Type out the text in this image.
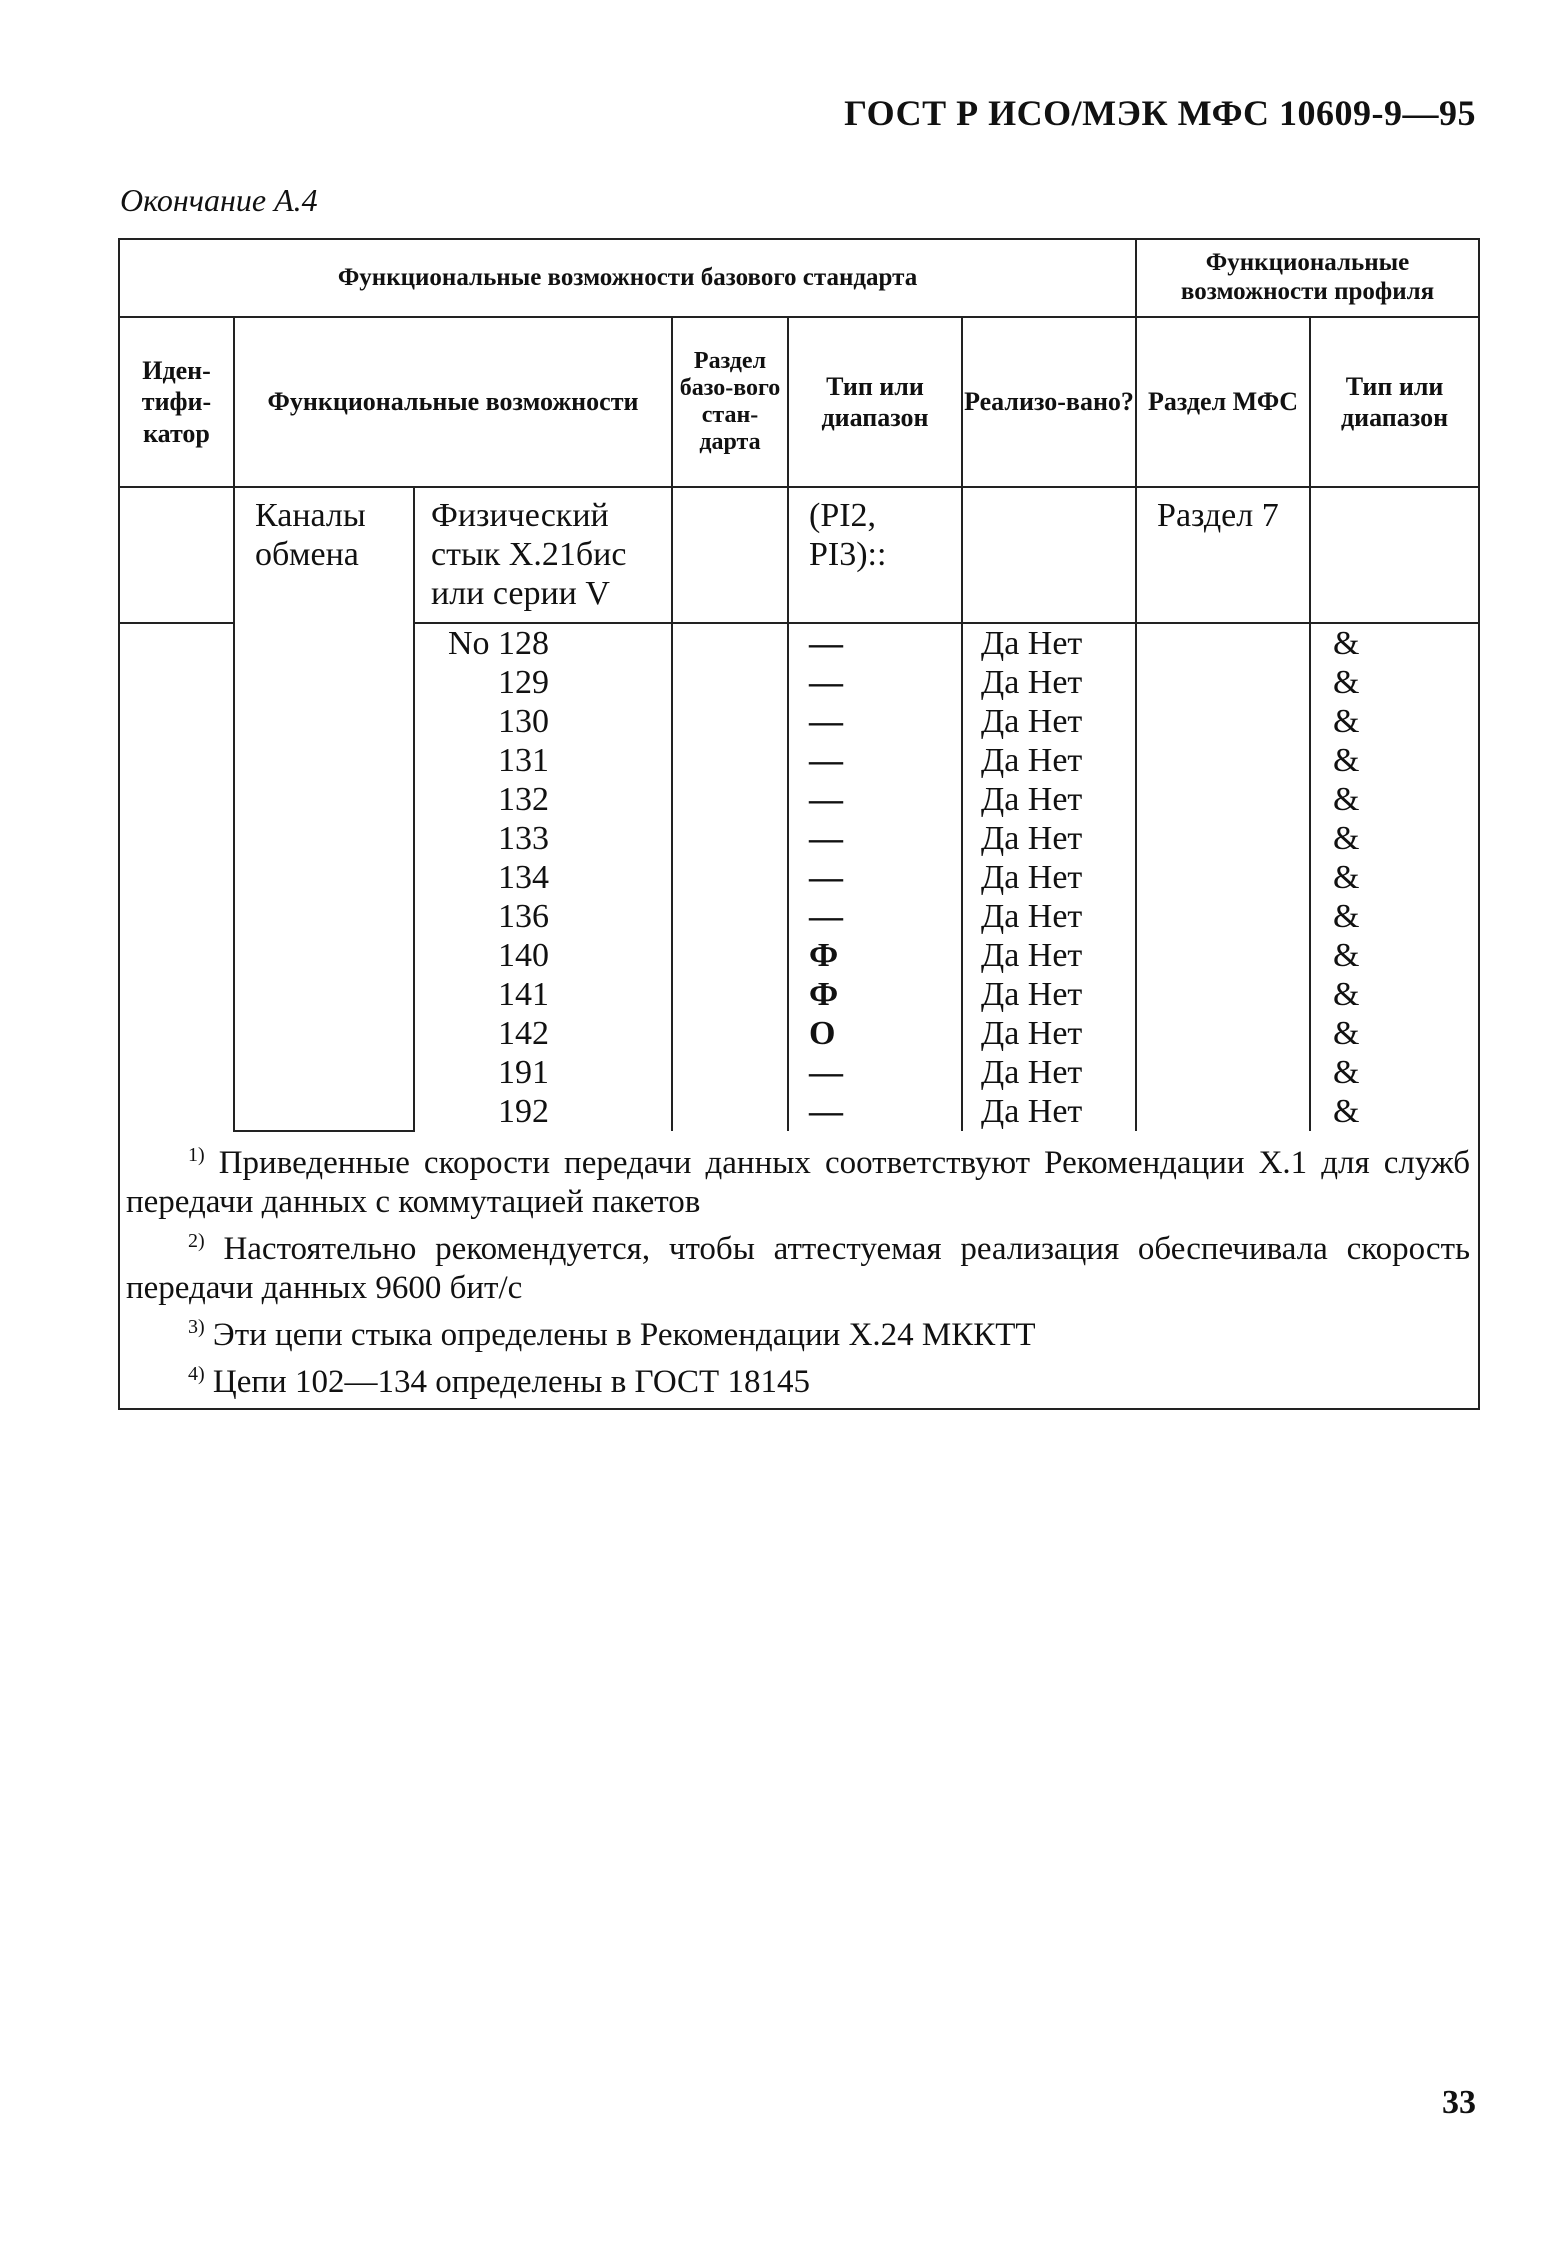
ГОСТ Р ИСО/МЭК МФС 10609-9—95
Окончание А.4
Функциональные возможности базового стандарта						Функциональные возможности профиля	
Иден-тифи-катор	Функциональные возможности		Раздел базо-вого стан-дарта	Тип или диапазон	Реализо-вано?	Раздел МФС	Тип или диапазон
	Каналы обмена	Физический стык X.21бис или серии V		(PI2, PI3)::		Раздел 7	
		No 128		—	Да Нет		&
		129		—	Да Нет		&
		130		—	Да Нет		&
		131		—	Да Нет		&
		132		—	Да Нет		&
		133		—	Да Нет		&
		134		—	Да Нет		&
		136		—	Да Нет		&
		140		Ф	Да Нет		&
		141		Ф	Да Нет		&
		142		O	Да Нет		&
		191		—	Да Нет		&
		192		—	Да Нет		&

$^{1)}$ Приведенные скорости передачи данных соответствуют Рекомендации X.1 для служб передачи данных с коммутацией пакетов
$^{2)}$ Настоятельно рекомендуется, чтобы аттестуемая реализация обеспечивала скорость передачи данных 9600 бит/с
$^{3)}$ Эти цепи стыка определены в Рекомендации X.24 МККТТ
$^{4)}$ Цепи 102—134 определены в ГОСТ 18145							
33
